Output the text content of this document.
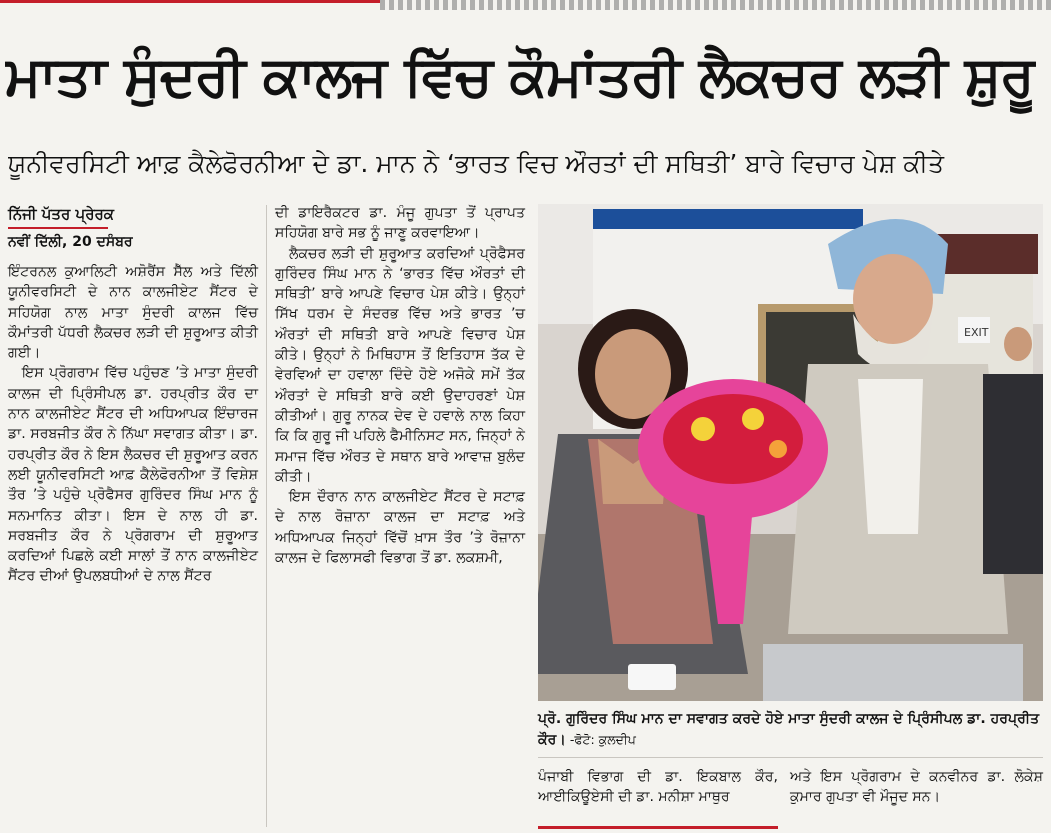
ਮਾਤਾ ਸੁੰਦਰੀ ਕਾਲਜ ਵਿੱਚ ਕੌਮਾਂਤਰੀ ਲੈਕਚਰ ਲੜੀ ਸ਼ੁਰੂ
ਯੂਨੀਵਰਸਿਟੀ ਆਫ਼ ਕੈਲੇਫੋਰਨੀਆ ਦੇ ਡਾ. ਮਾਨ ਨੇ ‘ਭਾਰਤ ਵਿਚ ਔਰਤਾਂ ਦੀ ਸਥਿਤੀ’ ਬਾਰੇ ਵਿਚਾਰ ਪੇਸ਼ ਕੀਤੇ
ਨਿੱਜੀ ਪੱਤਰ ਪ੍ਰੇਰਕ
ਨਵੀਂ ਦਿੱਲੀ, 20 ਦਸੰਬਰ

ਇੰਟਰਨਲ ਕੁਆਲਿਟੀ ਅਸ਼ੋਰੈਂਸ ਸੈੱਲ ਅਤੇ ਦਿੱਲੀ ਯੂਨੀਵਰਸਿਟੀ ਦੇ ਨਾਨ ਕਾਲਜੀਏਟ ਸੈਂਟਰ ਦੇ ਸਹਿਯੋਗ ਨਾਲ ਮਾਤਾ ਸੁੰਦਰੀ ਕਾਲਜ ਵਿੱਚ ਕੌਮਾਂਤਰੀ ਪੱਧਰੀ ਲੈਕਚਰ ਲੜੀ ਦੀ ਸ਼ੁਰੂਆਤ ਕੀਤੀ ਗਈ।

ਇਸ ਪ੍ਰੋਗਰਾਮ ਵਿੱਚ ਪਹੁੰਚਣ ’ਤੇ ਮਾਤਾ ਸੁੰਦਰੀ ਕਾਲਜ ਦੀ ਪ੍ਰਿੰਸੀਪਲ ਡਾ. ਹਰਪ੍ਰੀਤ ਕੌਰ ਦਾ ਨਾਨ ਕਾਲਜੀਏਟ ਸੈਂਟਰ ਦੀ ਅਧਿਆਪਕ ਇੰਚਾਰਜ ਡਾ. ਸਰਬਜੀਤ ਕੌਰ ਨੇ ਨਿੱਘਾ ਸਵਾਗਤ ਕੀਤਾ। ਡਾ. ਹਰਪ੍ਰੀਤ ਕੌਰ ਨੇ ਇਸ ਲੈਕਚਰ ਦੀ ਸ਼ੁਰੂਆਤ ਕਰਨ ਲਈ ਯੂਨੀਵਰਸਿਟੀ ਆਫ਼ ਕੈਲੇਫੋਰਨੀਆ ਤੋਂ ਵਿਸ਼ੇਸ਼ ਤੌਰ ’ਤੇ ਪਹੁੰਚੇ ਪ੍ਰੋਫੈਸਰ ਗੁਰਿੰਦਰ ਸਿੰਘ ਮਾਨ ਨੂੰ ਸਨਮਾਨਿਤ ਕੀਤਾ। ਇਸ ਦੇ ਨਾਲ ਹੀ ਡਾ. ਸਰਬਜੀਤ ਕੌਰ ਨੇ ਪ੍ਰੋਗਰਾਮ ਦੀ ਸ਼ੁਰੂਆਤ ਕਰਦਿਆਂ ਪਿਛਲੇ ਕਈ ਸਾਲਾਂ ਤੋਂ ਨਾਨ ਕਾਲਜੀਏਟ ਸੈਂਟਰ ਦੀਆਂ ਉਪਲਬਧੀਆਂ ਦੇ ਨਾਲ ਸੈਂਟਰ

ਦੀ ਡਾਇਰੈਕਟਰ ਡਾ. ਮੰਜੂ ਗੁਪਤਾ ਤੋਂ ਪ੍ਰਾਪਤ ਸਹਿਯੋਗ ਬਾਰੇ ਸਭ ਨੂੰ ਜਾਣੂ ਕਰਵਾਇਆ।

ਲੈਕਚਰ ਲੜੀ ਦੀ ਸ਼ੁਰੂਆਤ ਕਰਦਿਆਂ ਪ੍ਰੋਫੈਸਰ ਗੁਰਿੰਦਰ ਸਿੰਘ ਮਾਨ ਨੇ ‘ਭਾਰਤ ਵਿੱਚ ਔਰਤਾਂ ਦੀ ਸਥਿਤੀ’ ਬਾਰੇ ਆਪਣੇ ਵਿਚਾਰ ਪੇਸ਼ ਕੀਤੇ। ਉਨ੍ਹਾਂ ਸਿੱਖ ਧਰਮ ਦੇ ਸੰਦਰਭ ਵਿੱਚ ਅਤੇ ਭਾਰਤ ’ਚ ਔਰਤਾਂ ਦੀ ਸਥਿਤੀ ਬਾਰੇ ਆਪਣੇ ਵਿਚਾਰ ਪੇਸ਼ ਕੀਤੇ। ਉਨ੍ਹਾਂ ਨੇ ਮਿਥਿਹਾਸ ਤੋਂ ਇਤਿਹਾਸ ਤੱਕ ਦੇ ਵੇਰਵਿਆਂ ਦਾ ਹਵਾਲਾ ਦਿੰਦੇ ਹੋਏ ਅਜੋਕੇ ਸਮੇਂ ਤੱਕ ਔਰਤਾਂ ਦੇ ਸਥਿਤੀ ਬਾਰੇ ਕਈ ਉਦਾਹਰਣਾਂ ਪੇਸ਼ ਕੀਤੀਆਂ। ਗੁਰੂ ਨਾਨਕ ਦੇਵ ਦੇ ਹਵਾਲੇ ਨਾਲ ਕਿਹਾ ਕਿ ਕਿ ਗੁਰੂ ਜੀ ਪਹਿਲੇ ਫੈਮੀਨਿਸਟ ਸਨ, ਜਿਨ੍ਹਾਂ ਨੇ ਸਮਾਜ ਵਿੱਚ ਔਰਤ ਦੇ ਸਥਾਨ ਬਾਰੇ ਆਵਾਜ਼ ਬੁਲੰਦ ਕੀਤੀ।

ਇਸ ਦੌਰਾਨ ਨਾਨ ਕਾਲਜੀਏਟ ਸੈਂਟਰ ਦੇ ਸਟਾਫ਼ ਦੇ ਨਾਲ ਰੋਜ਼ਾਨਾ ਕਾਲਜ ਦਾ ਸਟਾਫ਼ ਅਤੇ ਅਧਿਆਪਕ ਜਿਨ੍ਹਾਂ ਵਿੱਚੋਂ ਖ਼ਾਸ ਤੌਰ ’ਤੇ ਰੋਜ਼ਾਨਾ ਕਾਲਜ ਦੇ ਫਿਲਾਸਫੀ ਵਿਭਾਗ ਤੋਂ ਡਾ. ਲਕਸ਼ਮੀ,

EXIT
ਪ੍ਰੋ. ਗੁਰਿੰਦਰ ਸਿੰਘ ਮਾਨ ਦਾ ਸਵਾਗਤ ਕਰਦੇ ਹੋਏ ਮਾਤਾ ਸੁੰਦਰੀ ਕਾਲਜ ਦੇ ਪ੍ਰਿੰਸੀਪਲ ਡਾ. ਹਰਪ੍ਰੀਤ ਕੌਰ। -ਫੋਟੋ: ਕੁਲਦੀਪ

ਪੰਜਾਬੀ ਵਿਭਾਗ ਦੀ ਡਾ. ਇਕਬਾਲ ਕੌਰ, ਆਈਕਿਊਏਸੀ ਦੀ ਡਾ. ਮਨੀਸ਼ਾ ਮਾਥੁਰ

ਅਤੇ ਇਸ ਪ੍ਰੋਗਰਾਮ ਦੇ ਕਨਵੀਨਰ ਡਾ. ਲੋਕੇਸ਼ ਕੁਮਾਰ ਗੁਪਤਾ ਵੀ ਮੌਜੂਦ ਸਨ।
